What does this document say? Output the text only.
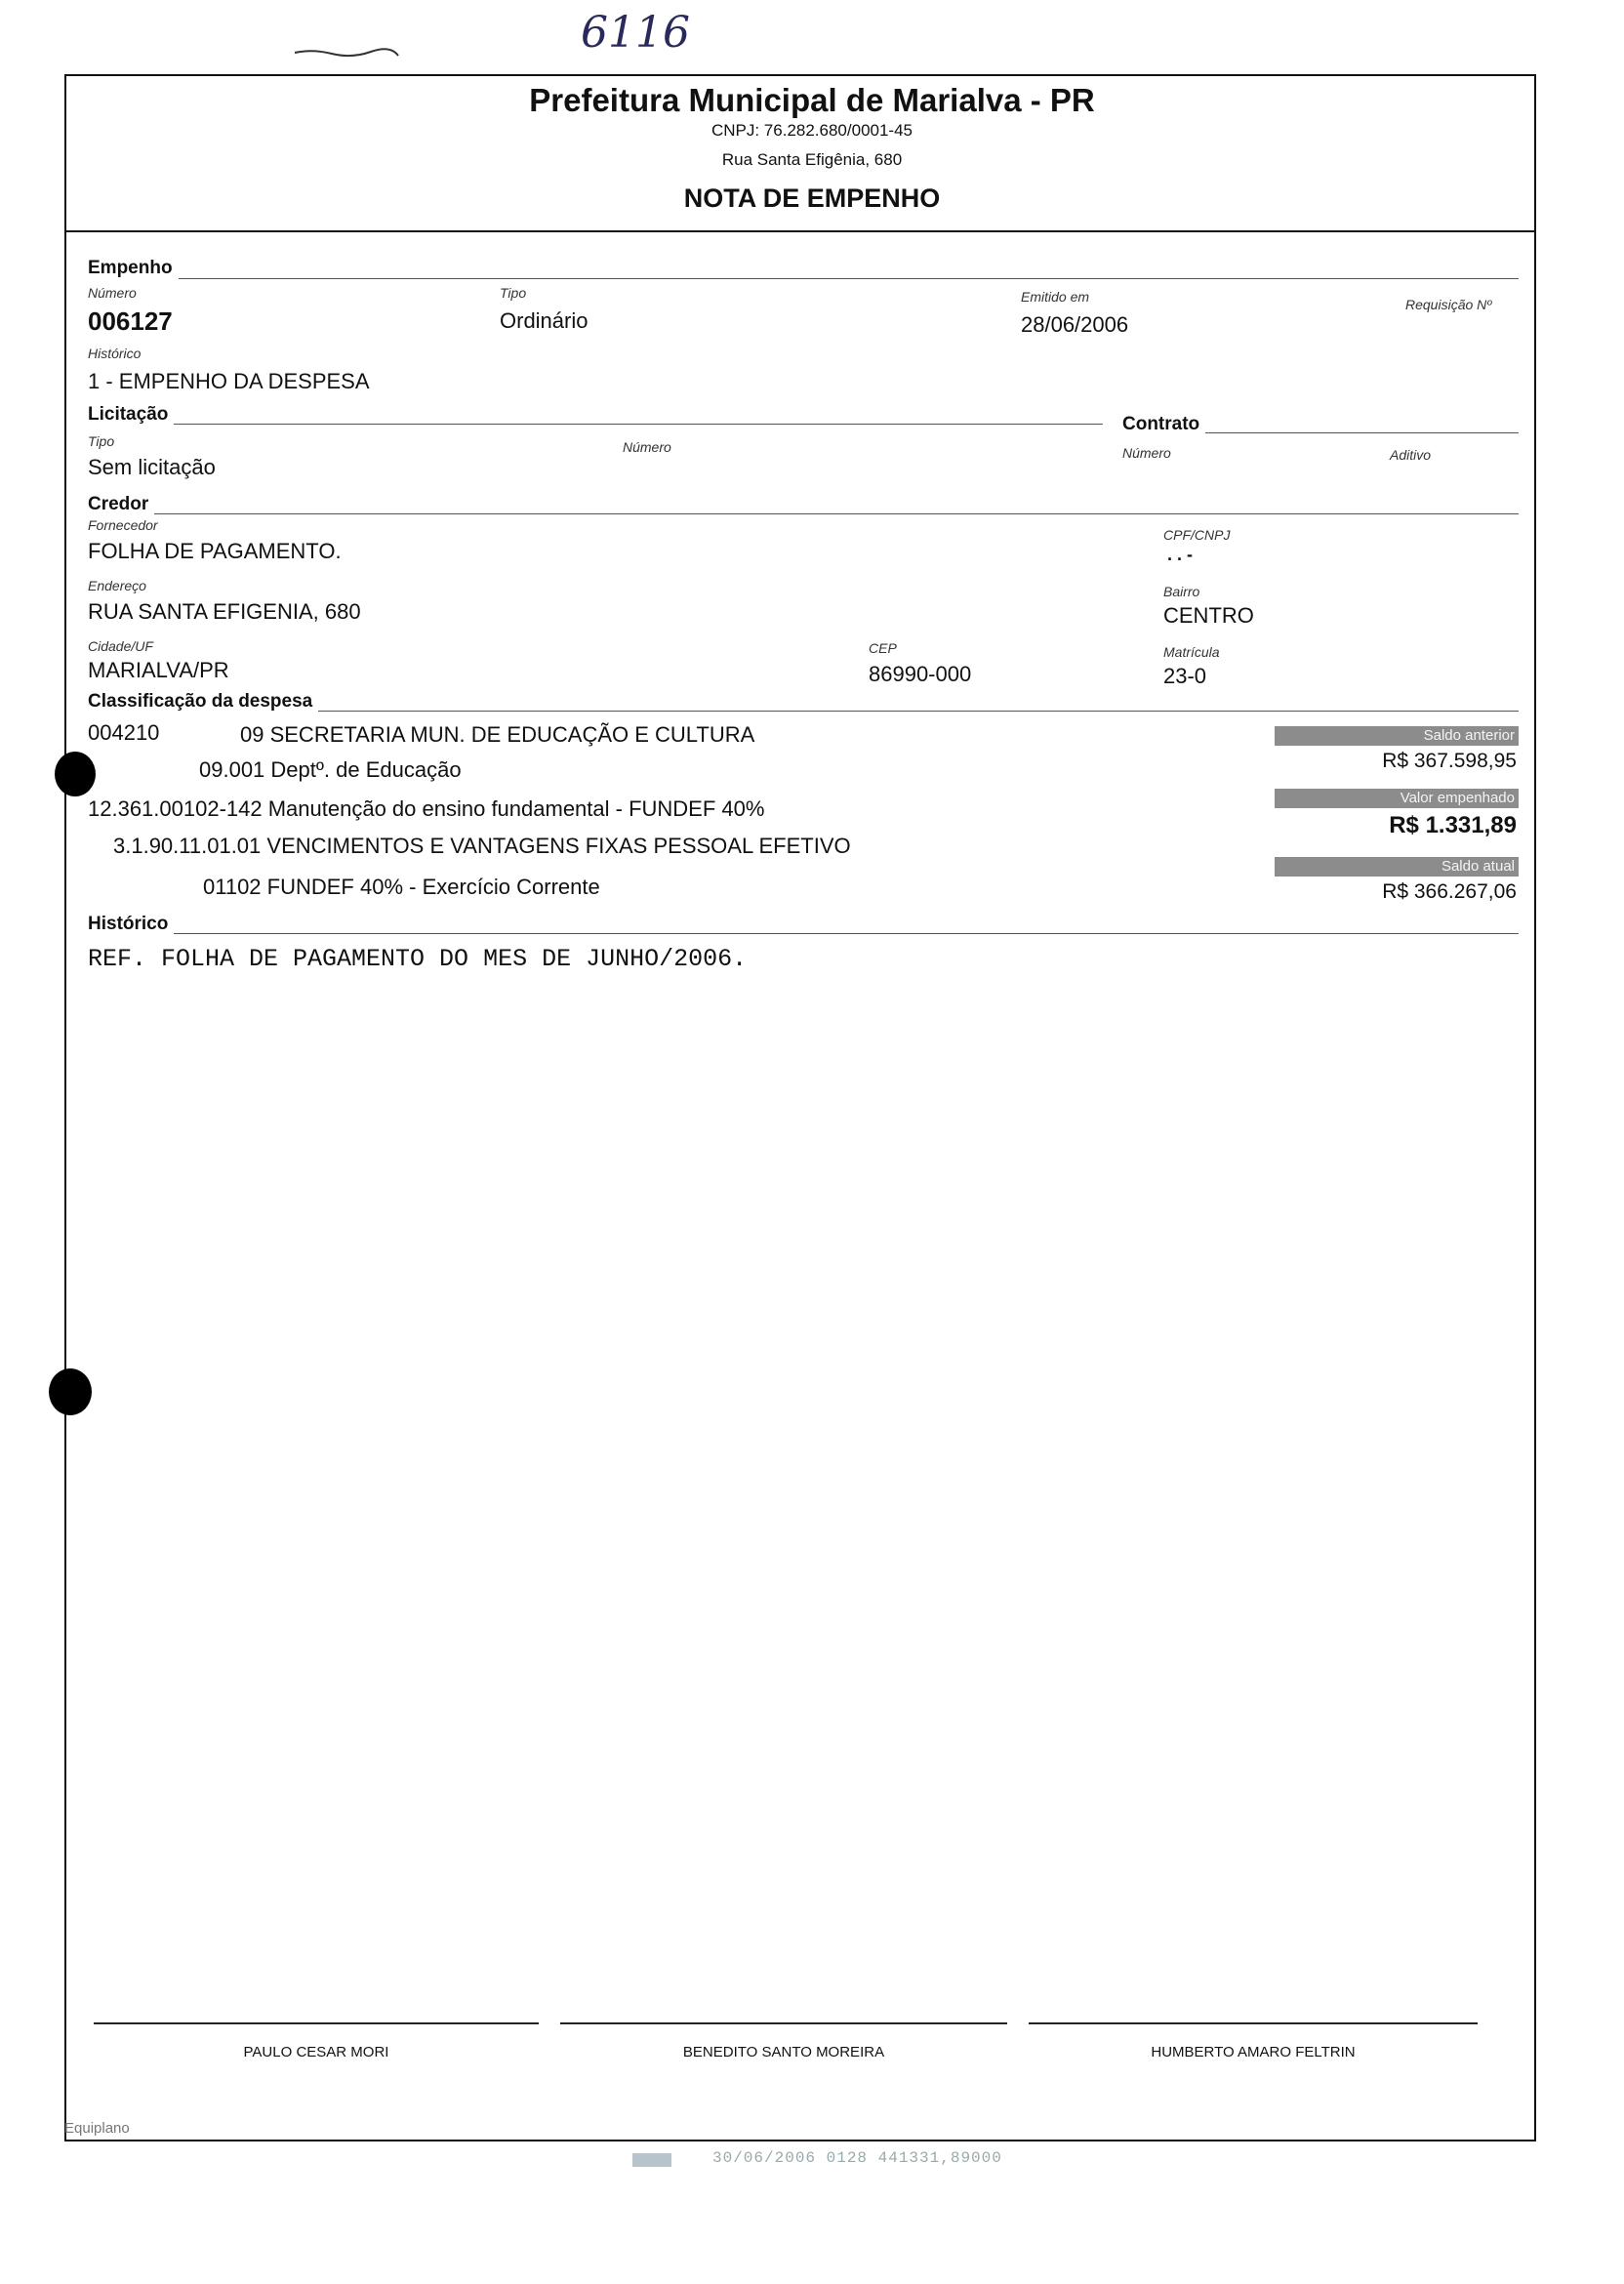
6116
Prefeitura Municipal de Marialva - PR
CNPJ: 76.282.680/0001-45
Rua Santa Efigênia, 680
NOTA DE EMPENHO
Empenho
Número
006127
Tipo
Ordinário
Emitido em
28/06/2006
Requisição Nº
Histórico
1 - EMPENHO DA DESPESA
Licitação	Contrato
Tipo
Sem licitação
Número	Número	Aditivo
Credor
Fornecedor
FOLHA DE PAGAMENTO.
CPF/CNPJ
. . -
Endereço
RUA SANTA EFIGENIA, 680
Bairro
CENTRO
Cidade/UF
MARIALVA/PR
CEP
86990-000
Matrícula
23-0
Classificação da despesa
004210	09 SECRETARIA MUN. DE EDUCAÇÃO E CULTURA
09.001 Deptº. de Educação
12.361.00102-142 Manutenção do ensino fundamental - FUNDEF 40%
3.1.90.11.01.01 VENCIMENTOS E VANTAGENS FIXAS PESSOAL EFETIVO
01102 FUNDEF 40% - Exercício Corrente
Saldo anterior
R$ 367.598,95
Valor empenhado
R$ 1.331,89
Saldo atual
R$ 366.267,06
Histórico
REF. FOLHA DE PAGAMENTO DO MES DE JUNHO/2006.
PAULO CESAR MORI	BENEDITO SANTO MOREIRA	HUMBERTO AMARO FELTRIN
Equiplano
30/06/2006 0128 441331,89000
